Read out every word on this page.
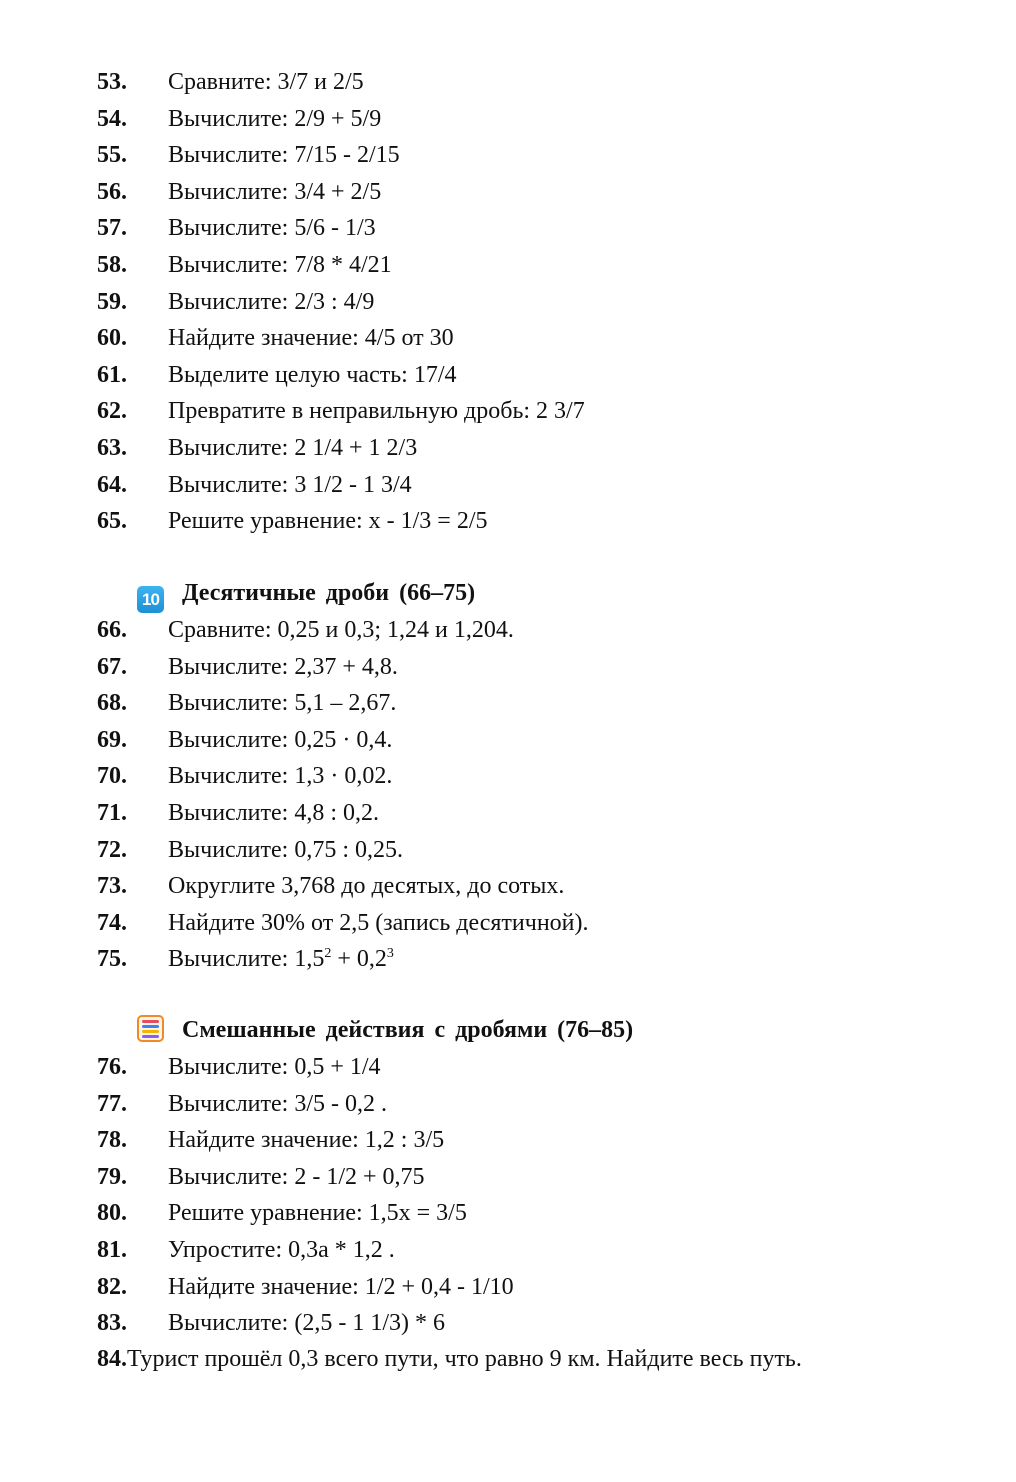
53. Сравните: 3/7 и 2/5
54. Вычислите: 2/9 + 5/9
55. Вычислите: 7/15 - 2/15
56. Вычислите: 3/4 + 2/5
57. Вычислите: 5/6 - 1/3
58. Вычислите: 7/8 * 4/21
59. Вычислите: 2/3 : 4/9
60. Найдите значение: 4/5 от 30
61. Выделите целую часть: 17/4
62. Превратите в неправильную дробь: 2 3/7
63. Вычислите: 2 1/4 + 1 2/3
64. Вычислите: 3 1/2 - 1 3/4
65. Решите уравнение: x - 1/3 = 2/5
10 Десятичные дроби (66–75)
66. Сравните: 0,25 и 0,3; 1,24 и 1,204.
67. Вычислите: 2,37 + 4,8.
68. Вычислите: 5,1 – 2,67.
69. Вычислите: 0,25 · 0,4.
70. Вычислите: 1,3 · 0,02.
71. Вычислите: 4,8 : 0,2.
72. Вычислите: 0,75 : 0,25.
73. Округлите 3,768 до десятых, до сотых.
74. Найдите 30% от 2,5 (запись десятичной).
75. Вычислите: $1,5^2 + 0,2^3$
Смешанные действия с дробями (76–85)
76. Вычислите: 0,5 + 1/4
77. Вычислите: 3/5 - 0,2 .
78. Найдите значение: 1,2 : 3/5
79. Вычислите: 2 - 1/2 + 0,75
80. Решите уравнение: 1,5x = 3/5
81. Упростите: 0,3a * 1,2 .
82. Найдите значение: 1/2 + 0,4 - 1/10
83. Вычислите: (2,5 - 1 1/3) * 6
84.Турист прошёл 0,3 всего пути, что равно 9 км. Найдите весь путь.
